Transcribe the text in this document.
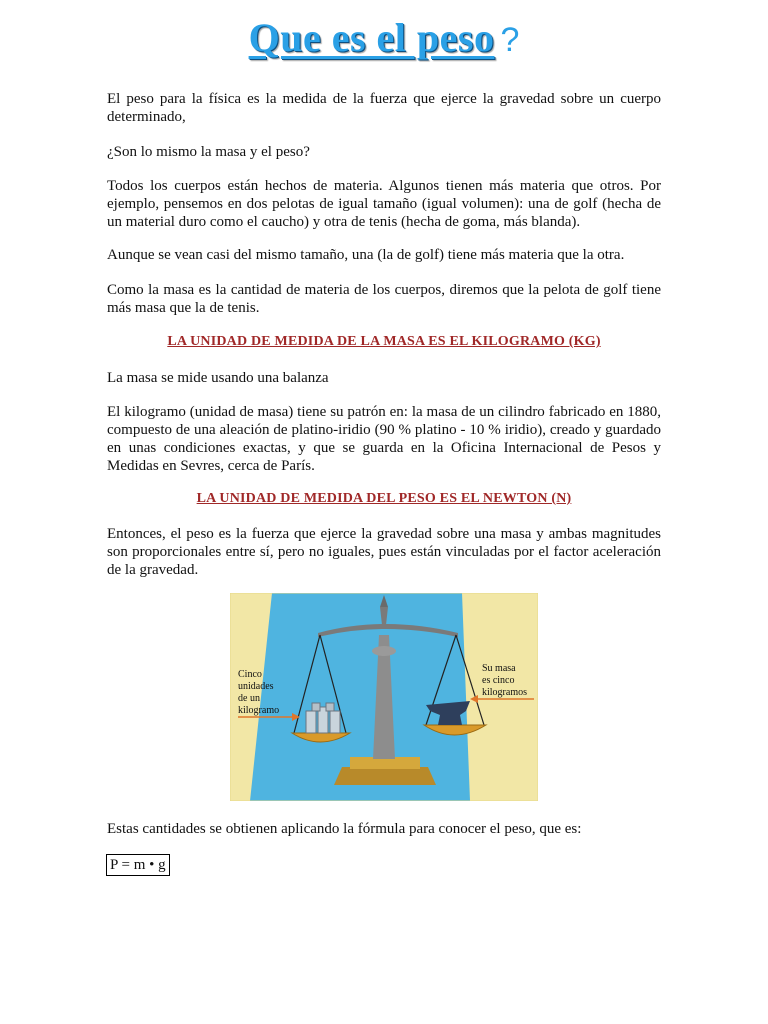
Que es el peso ?

El peso para la física es la medida de la fuerza que ejerce la gravedad sobre un cuerpo determinado,

¿Son lo mismo la masa y el peso?

Todos los cuerpos están hechos de materia. Algunos tienen más materia que otros. Por ejemplo, pensemos en dos pelotas de igual tamaño (igual volumen): una de golf (hecha de un material duro como el caucho) y otra de tenis (hecha de goma, más blanda).

Aunque se vean casi del mismo tamaño, una (la de golf) tiene más materia que la otra.

Como la masa es la cantidad de materia de los cuerpos, diremos que la pelota de golf tiene más masa que la de tenis.

LA UNIDAD DE MEDIDA DE LA MASA ES EL KILOGRAMO (KG)

La masa se mide usando una balanza

El kilogramo (unidad de masa) tiene su patrón en: la masa de un cilindro fabricado en 1880, compuesto de una aleación de platino-iridio (90 % platino - 10 % iridio), creado y guardado en unas condiciones exactas, y que se guarda en la Oficina Internacional de Pesos y Medidas en Sevres, cerca de París.

LA UNIDAD DE MEDIDA DEL PESO ES EL NEWTON (N)

Entonces, el peso es la fuerza que ejerce la gravedad sobre una masa y ambas magnitudes son proporcionales entre sí, pero no iguales, pues están vinculadas por el factor aceleración de la gravedad.

Cinco
unidades
de un
kilogramo
Su masa
es cinco
kilogramos

Estas cantidades se obtienen aplicando la fórmula para conocer el peso, que es:

P = m • g
